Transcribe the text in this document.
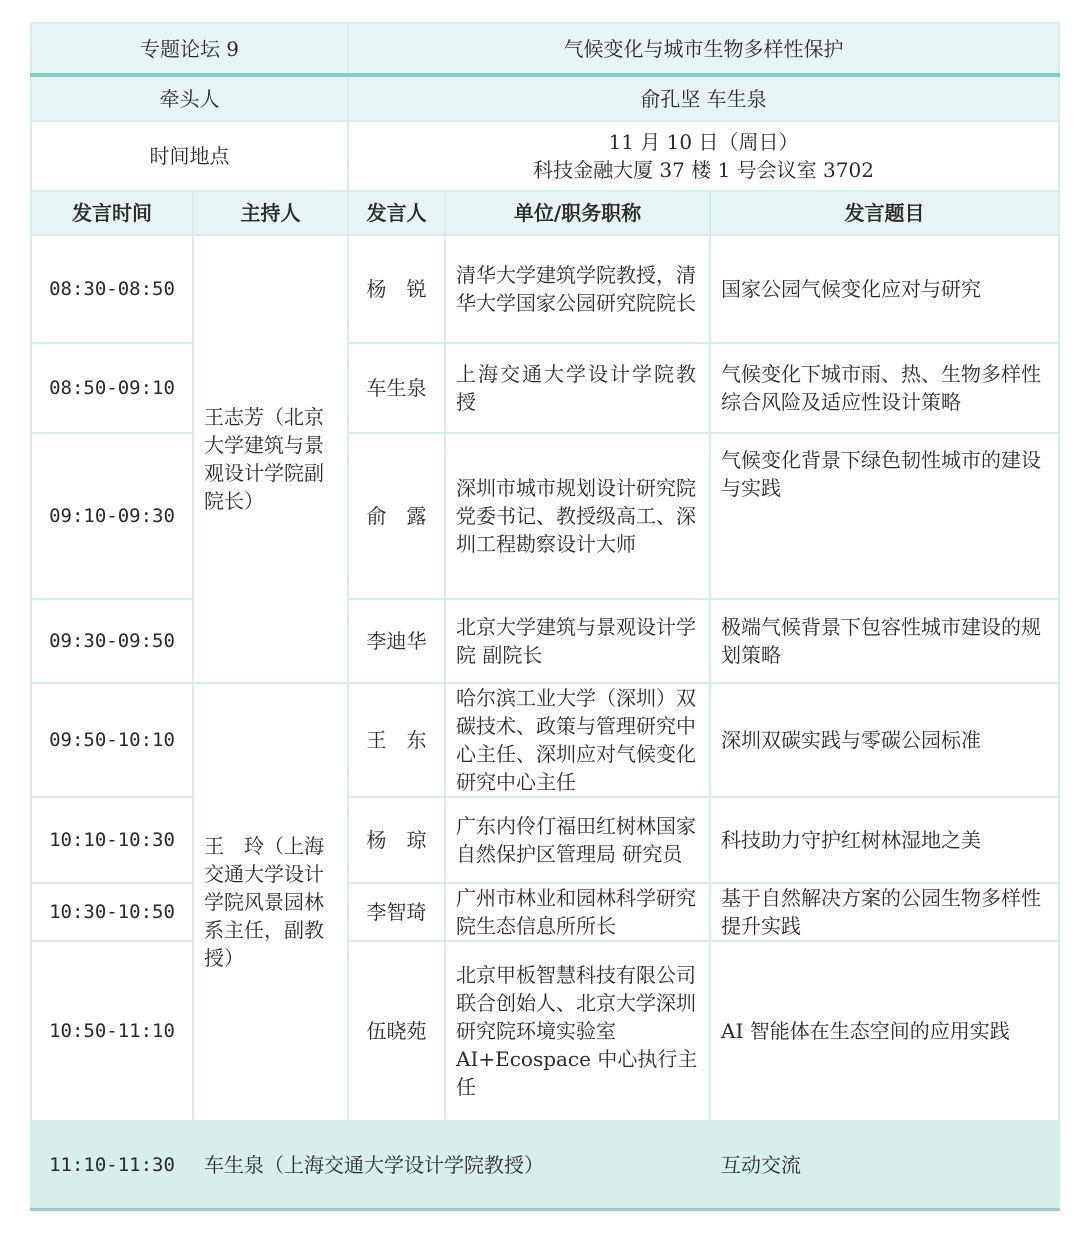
专题论坛 9		气候变化与城市生物多样性保护		
牵头人		俞孔坚 车生泉		
时间地点		11 月 10 日（周日）
科技金融大厦 37 楼 1 号会议室 3702		

发言时间	主持人	发言人	单位/职务职称	发言题目
08:30-08:50	王志芳（北京大学建筑与景观设计学院副院长）	杨　锐	清华大学建筑学院教授，清华大学国家公园研究院院长	国家公园气候变化应对与研究
08:50-09:10		车生泉	上海交通大学设计学院教授	气候变化下城市雨、热、生物多样性综合风险及适应性设计策略
09:10-09:30		俞　露	深圳市城市规划设计研究院党委书记、教授级高工、深圳工程勘察设计大师	气候变化背景下绿色韧性城市的建设与实践
09:30-09:50		李迪华	北京大学建筑与景观设计学院 副院长	极端气候背景下包容性城市建设的规划策略
09:50-10:10	王　玲（上海交通大学设计学院风景园林系主任，副教授）	王　东	哈尔滨工业大学（深圳）双碳技术、政策与管理研究中心主任、深圳应对气候变化研究中心主任	深圳双碳实践与零碳公园标准
10:10-10:30		杨　琼	广东内伶仃福田红树林国家自然保护区管理局 研究员	科技助力守护红树林湿地之美
10:30-10:50		李智琦	广州市林业和园林科学研究院生态信息所所长	基于自然解决方案的公园生物多样性提升实践
10:50-11:10		伍晓苑	北京甲板智慧科技有限公司联合创始人、北京大学深圳研究院环境实验室AI+Ecospace 中心执行主任	AI 智能体在生态空间的应用实践
11:10-11:30	车生泉（上海交通大学设计学院教授）			互动交流
